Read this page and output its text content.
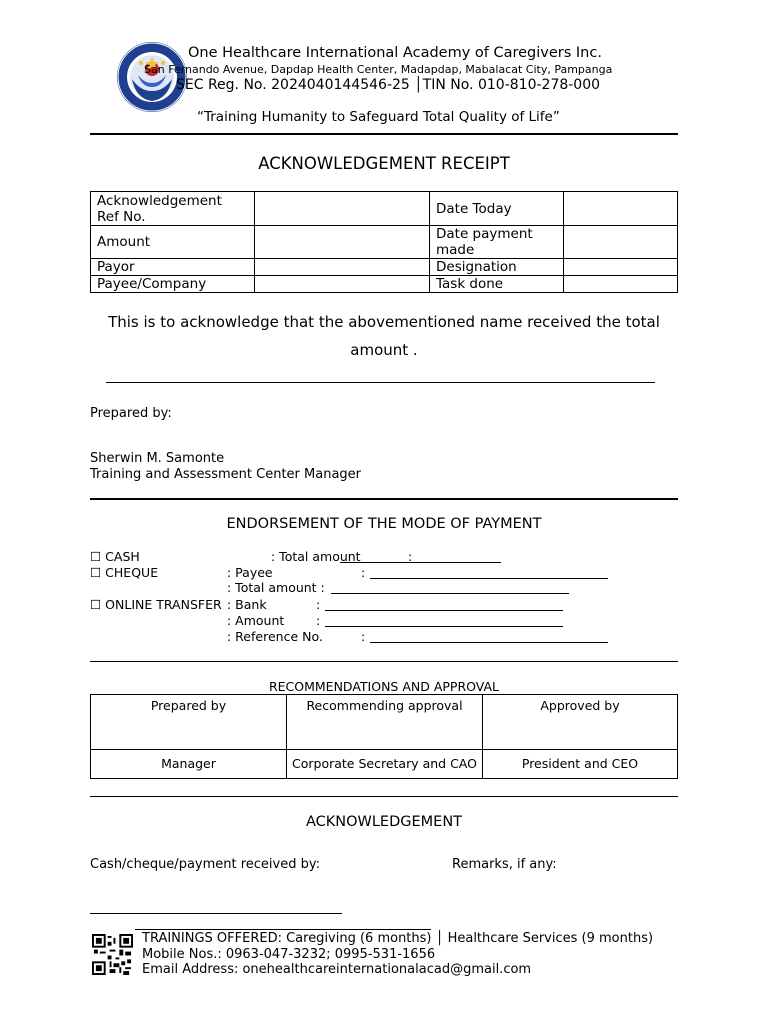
One Healthcare International Academy of Caregivers Inc.
San Fernando Avenue, Dapdap Health Center, Madapdap, Mabalacat City, Pampanga
SEC Reg. No. 2024040144546-25 │TIN No. 010-810-278-000
“Training Humanity to Safeguard Total Quality of Life”
ACKNOWLEDGEMENT RECEIPT
Acknowledgement Ref No.		Date Today	
Amount		Date payment made	
Payor		Designation	
Payee/Company		Task done	
This is to acknowledge that the abovementioned name received the total amount .
Prepared by:
Sherwin M. Samonte
Training and Assessment Center Manager
ENDORSEMENT OF THE MODE OF PAYMENT
☐ CASH	: Total amount	:
☐ CHEQUE	: Payee	:
: Total amount :
☐ ONLINE TRANSFER : Bank	:
: Amount	:
: Reference No.	:
RECOMMENDATIONS AND APPROVAL
Prepared by	Recommending approval	Approved by
Manager	Corporate Secretary and CAO	President and CEO
ACKNOWLEDGEMENT
Cash/cheque/payment received by:	Remarks, if any:
TRAININGS OFFERED: Caregiving (6 months) │ Healthcare Services (9 months)
Mobile Nos.: 0963-047-3232; 0995-531-1656
Email Address: onehealthcareinternationalacad@gmail.com
